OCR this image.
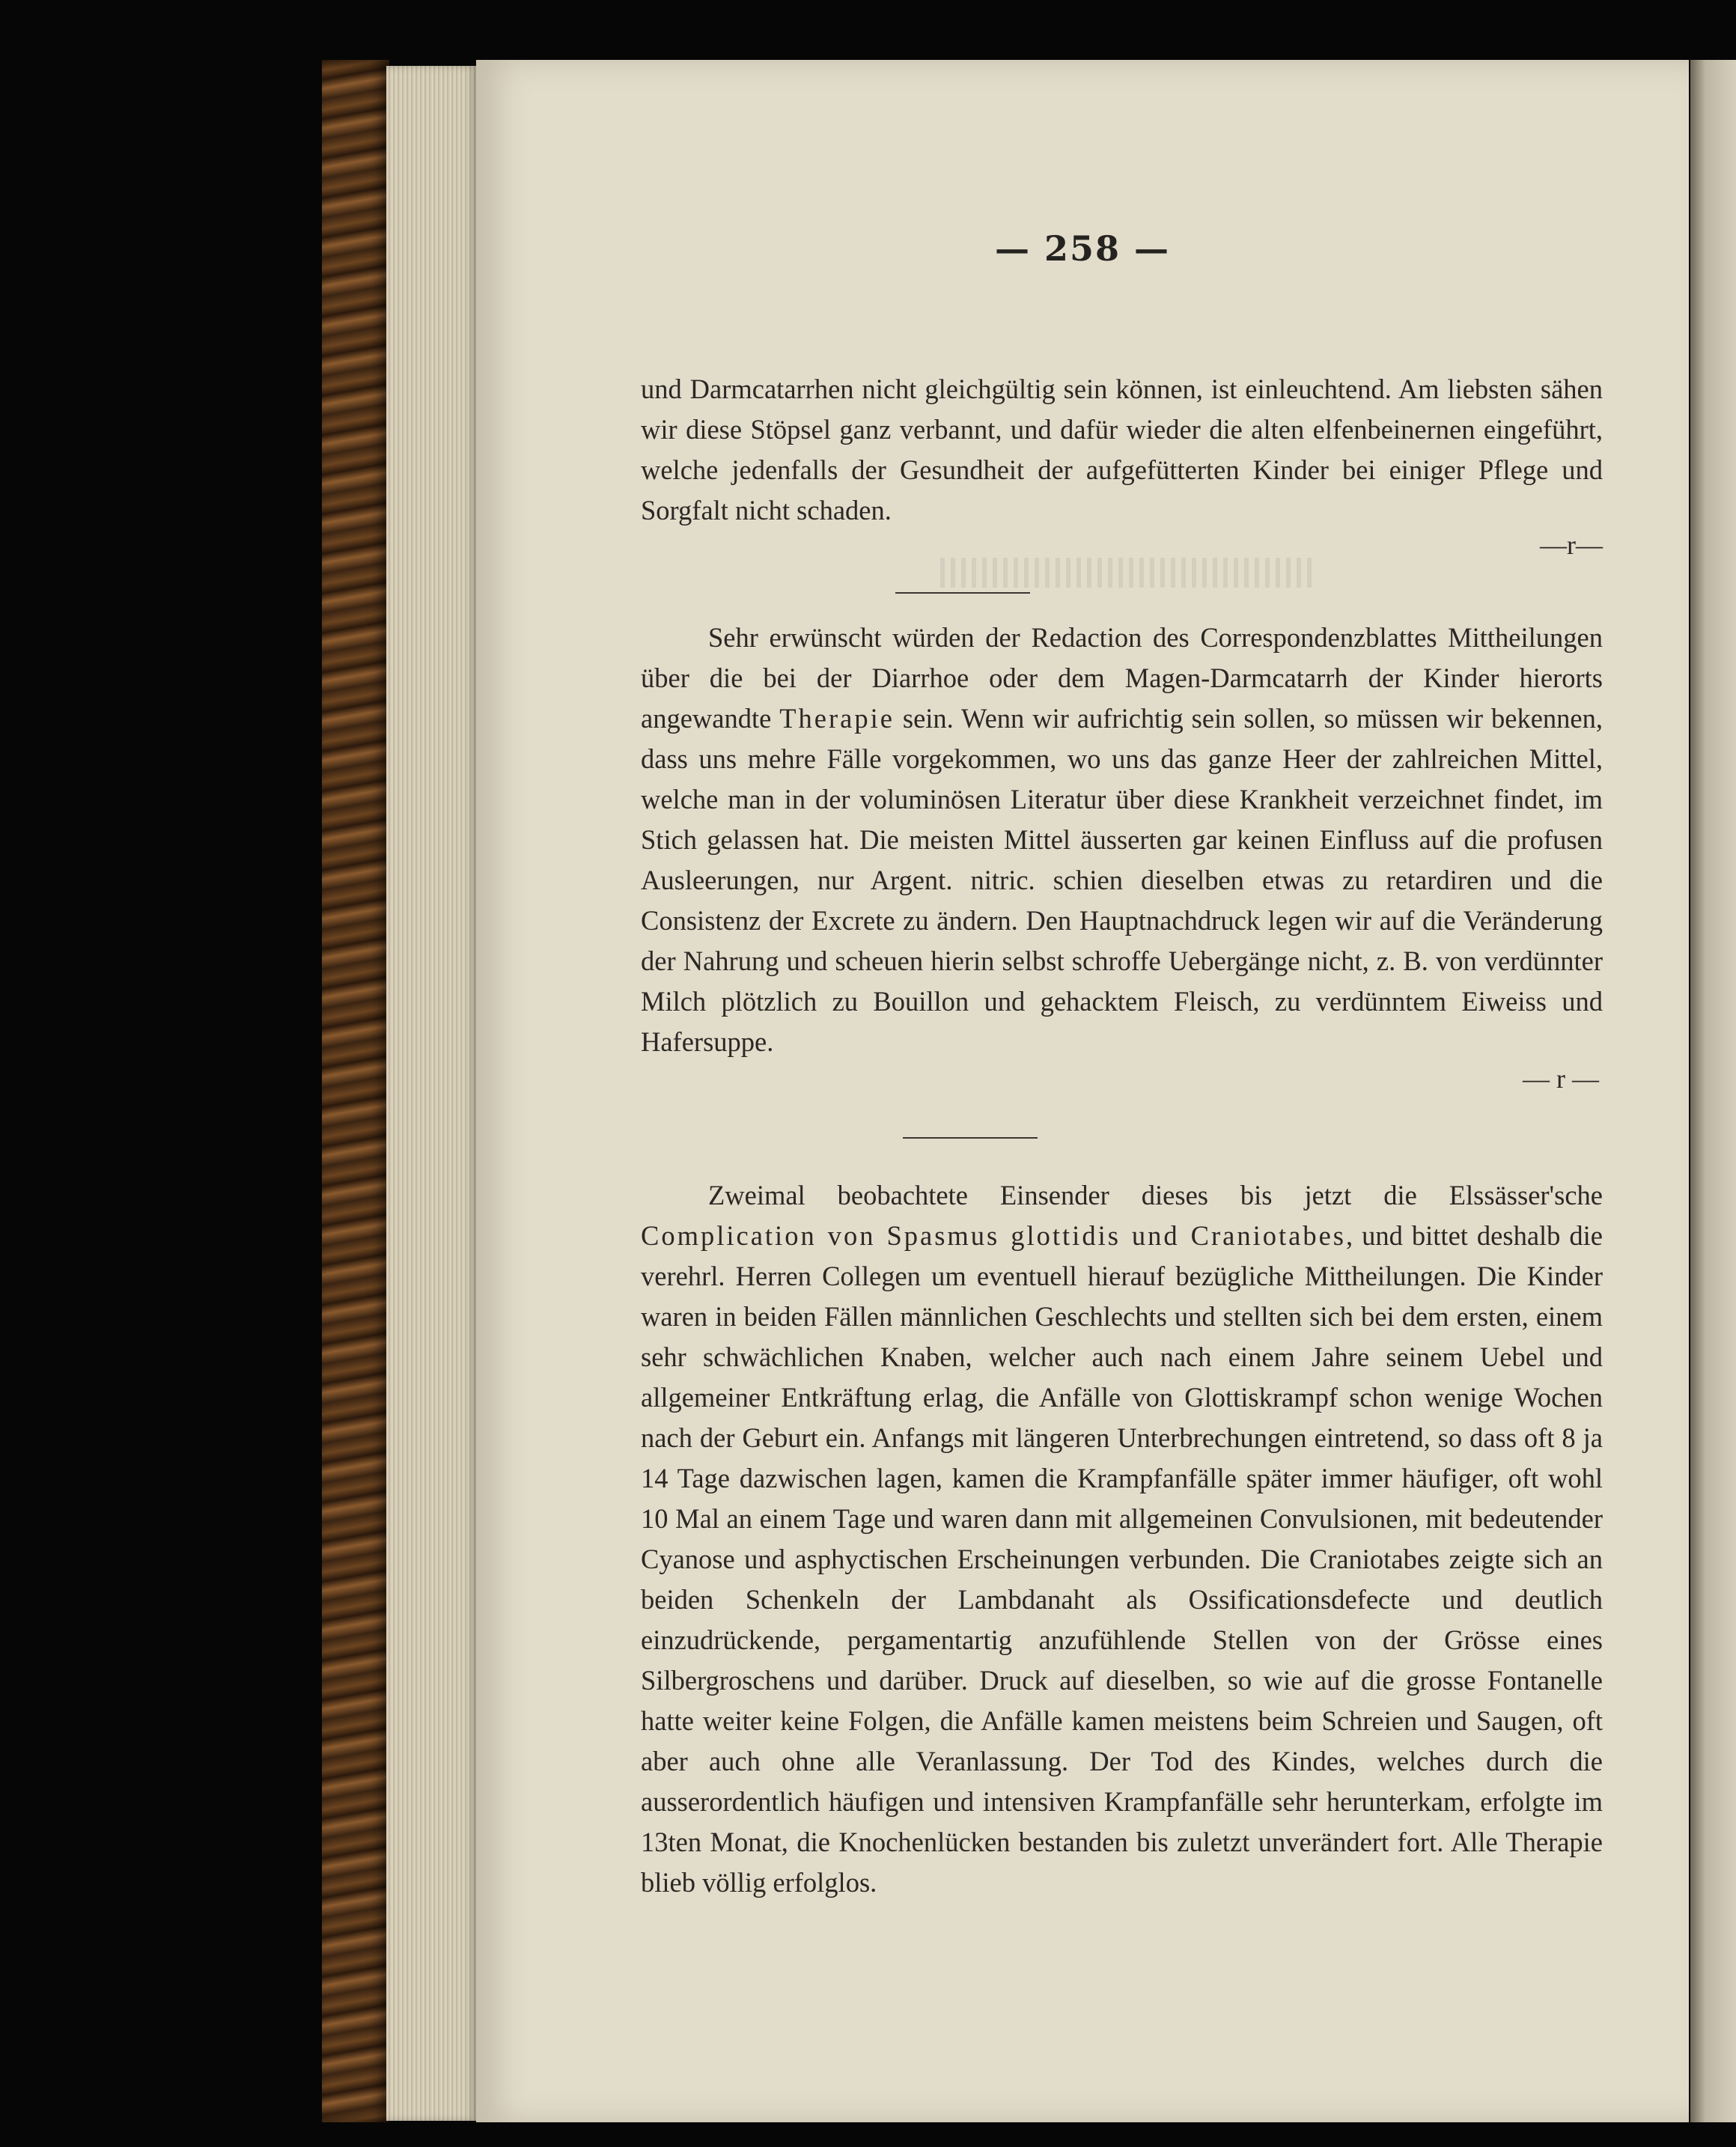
— 258 —
und Darmcatarrhen nicht gleichgültig sein können, ist einleuchtend. Am liebsten sähen wir diese Stöpsel ganz verbannt, und dafür wieder die alten elfenbeinernen eingeführt, welche jedenfalls der Gesundheit der aufgefütterten Kinder bei einiger Pflege und Sorgfalt nicht schaden.
—r—
Sehr erwünscht würden der Redaction des Correspondenzblattes Mittheilungen über die bei der Diarrhoe oder dem Magen-Darmcatarrh der Kinder hierorts angewandte Therapie sein. Wenn wir aufrichtig sein sollen, so müssen wir bekennen, dass uns mehre Fälle vorgekommen, wo uns das ganze Heer der zahlreichen Mittel, welche man in der voluminösen Literatur über diese Krankheit verzeichnet findet, im Stich gelassen hat. Die meisten Mittel äusserten gar keinen Einfluss auf die profusen Ausleerungen, nur Argent. nitric. schien dieselben etwas zu retardiren und die Consistenz der Excrete zu ändern. Den Hauptnachdruck legen wir auf die Veränderung der Nahrung und scheuen hierin selbst schroffe Uebergänge nicht, z. B. von verdünnter Milch plötzlich zu Bouillon und gehacktem Fleisch, zu verdünntem Eiweiss und Hafersuppe.
— r —
Zweimal beobachtete Einsender dieses bis jetzt die Elssässer'sche Complication von Spasmus glottidis und Craniotabes, und bittet deshalb die verehrl. Herren Collegen um eventuell hierauf bezügliche Mittheilungen. Die Kinder waren in beiden Fällen männlichen Geschlechts und stellten sich bei dem ersten, einem sehr schwächlichen Knaben, welcher auch nach einem Jahre seinem Uebel und allgemeiner Entkräftung erlag, die Anfälle von Glottiskrampf schon wenige Wochen nach der Geburt ein. Anfangs mit längeren Unterbrechungen eintretend, so dass oft 8 ja 14 Tage dazwischen lagen, kamen die Krampfanfälle später immer häufiger, oft wohl 10 Mal an einem Tage und waren dann mit allgemeinen Convulsionen, mit bedeutender Cyanose und asphyctischen Erscheinungen verbunden. Die Craniotabes zeigte sich an beiden Schenkeln der Lambdanaht als Ossificationsdefecte und deutlich einzudrückende, pergamentartig anzufühlende Stellen von der Grösse eines Silbergroschens und darüber. Druck auf dieselben, so wie auf die grosse Fontanelle hatte weiter keine Folgen, die Anfälle kamen meistens beim Schreien und Saugen, oft aber auch ohne alle Veranlassung. Der Tod des Kindes, welches durch die ausserordentlich häufigen und intensiven Krampfanfälle sehr herunterkam, erfolgte im 13ten Monat, die Knochenlücken bestanden bis zuletzt unverändert fort. Alle Therapie blieb völlig erfolglos.
